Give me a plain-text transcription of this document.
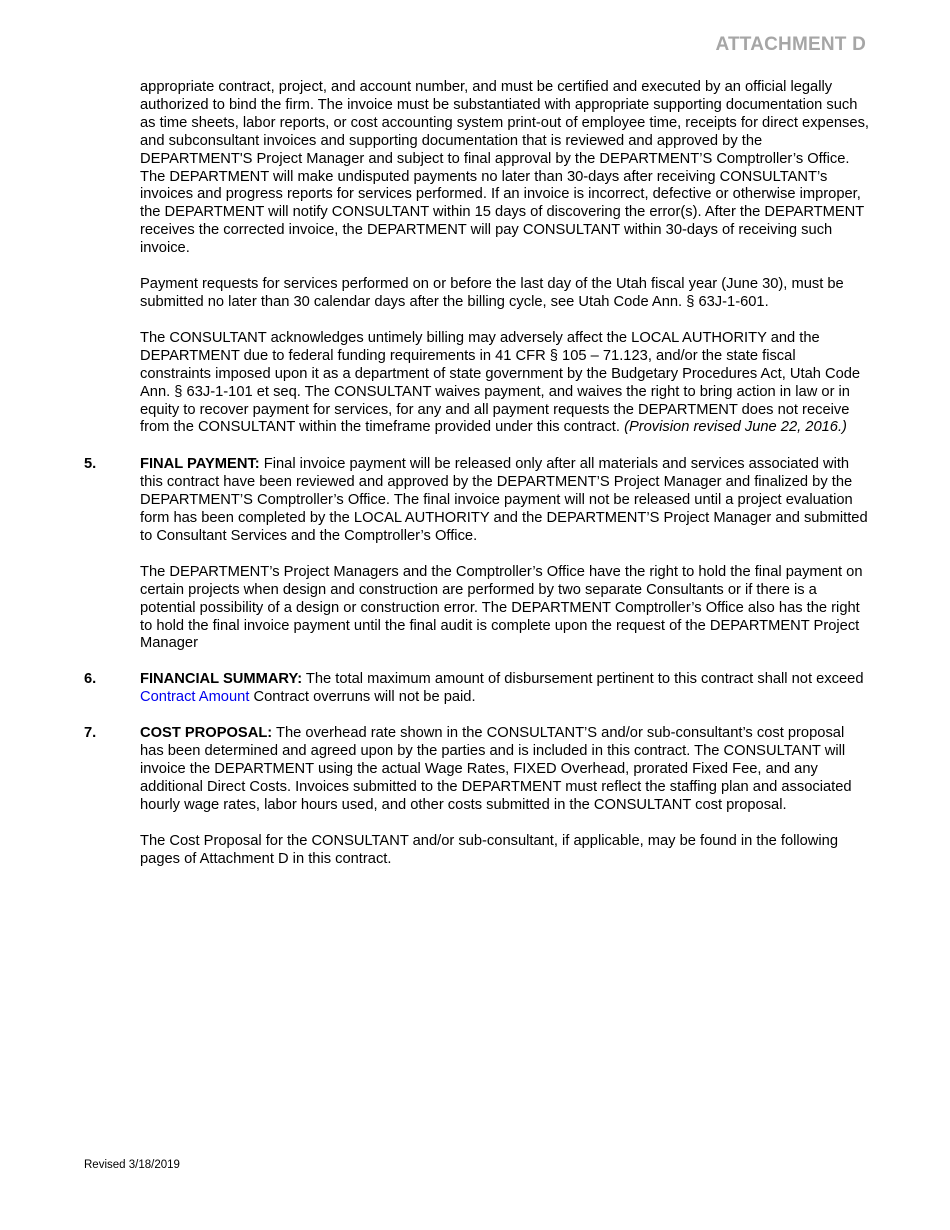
ATTACHMENT D
appropriate contract, project, and account number, and must be certified and executed by an official legally authorized to bind the firm. The invoice must be substantiated with appropriate supporting documentation such as time sheets, labor reports, or cost accounting system print-out of employee time, receipts for direct expenses, and subconsultant invoices and supporting documentation that is reviewed and approved by the DEPARTMENT'S Project Manager and subject to final approval by the DEPARTMENT’S Comptroller’s Office. The DEPARTMENT will make undisputed payments no later than 30-days after receiving CONSULTANT’s invoices and progress reports for services performed. If an invoice is incorrect, defective or otherwise improper, the DEPARTMENT will notify CONSULTANT within 15 days of discovering the error(s). After the DEPARTMENT receives the corrected invoice, the DEPARTMENT will pay CONSULTANT within 30-days of receiving such invoice.
Payment requests for services performed on or before the last day of the Utah fiscal year (June 30), must be submitted no later than 30 calendar days after the billing cycle, see Utah Code Ann. § 63J-1-601.
The CONSULTANT acknowledges untimely billing may adversely affect the LOCAL AUTHORITY and the DEPARTMENT due to federal funding requirements in 41 CFR § 105 – 71.123, and/or the state fiscal constraints imposed upon it as a department of state government by the Budgetary Procedures Act, Utah Code Ann. § 63J-1-101 et seq. The CONSULTANT waives payment, and waives the right to bring action in law or in equity to recover payment for services, for any and all payment requests the DEPARTMENT does not receive from the CONSULTANT within the timeframe provided under this contract. (Provision revised June 22, 2016.)
5.	FINAL PAYMENT: Final invoice payment will be released only after all materials and services associated with this contract have been reviewed and approved by the DEPARTMENT’S Project Manager and finalized by the DEPARTMENT’S Comptroller’s Office. The final invoice payment will not be released until a project evaluation form has been completed by the LOCAL AUTHORITY and the DEPARTMENT’S Project Manager and submitted to Consultant Services and the Comptroller’s Office.
The DEPARTMENT’s Project Managers and the Comptroller’s Office have the right to hold the final payment on certain projects when design and construction are performed by two separate Consultants or if there is a potential possibility of a design or construction error. The DEPARTMENT Comptroller’s Office also has the right to hold the final invoice payment until the final audit is complete upon the request of the DEPARTMENT Project Manager
6.	FINANCIAL SUMMARY: The total maximum amount of disbursement pertinent to this contract shall not exceed Contract Amount Contract overruns will not be paid.
7.	COST PROPOSAL: The overhead rate shown in the CONSULTANT’S and/or sub-consultant’s cost proposal has been determined and agreed upon by the parties and is included in this contract. The CONSULTANT will invoice the DEPARTMENT using the actual Wage Rates, FIXED Overhead, prorated Fixed Fee, and any additional Direct Costs. Invoices submitted to the DEPARTMENT must reflect the staffing plan and associated hourly wage rates, labor hours used, and other costs submitted in the CONSULTANT cost proposal.
The Cost Proposal for the CONSULTANT and/or sub-consultant, if applicable, may be found in the following pages of Attachment D in this contract.
Revised 3/18/2019
